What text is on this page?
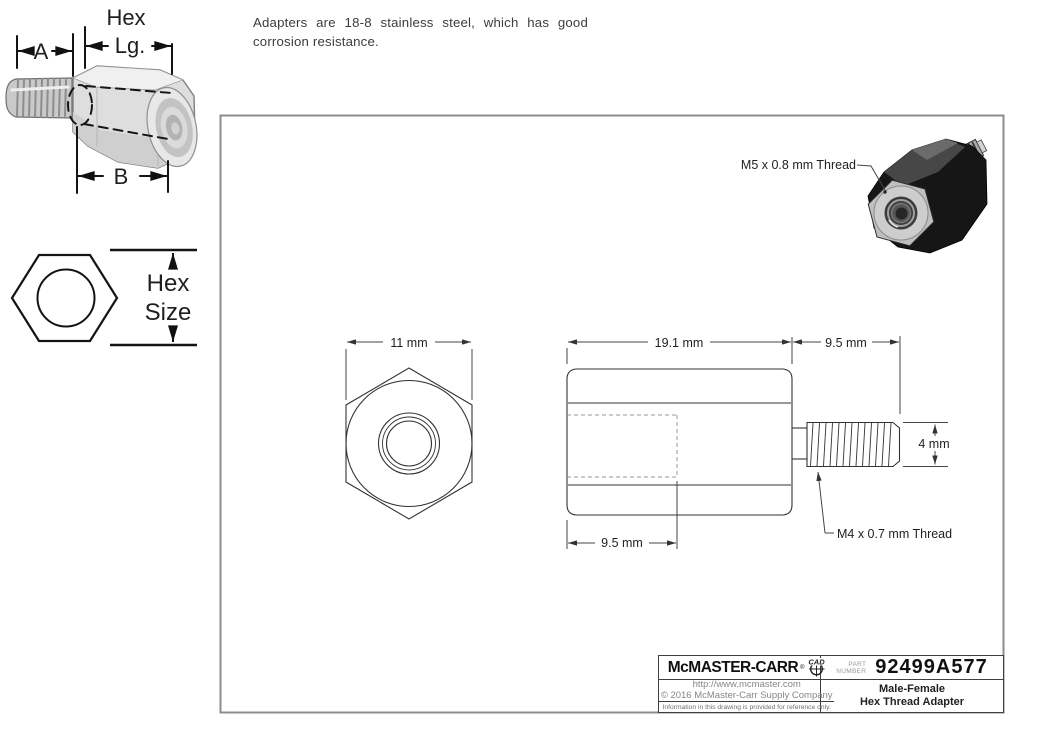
Adapters are 18-8 stainless steel, which has good corrosion resistance.
A
Hex
Lg.
B
Hex
Size
11 mm	19.1 mm	9.5 mm
4 mm
9.5 mm
M4 x 0.7 mm Thread
M5 x 0.8 mm Thread
McMASTER-CARR ®
CAD
http://www.mcmaster.com
© 2016 McMaster-Carr Supply Company
Information in this drawing is provided for reference only.
PART
NUMBER 92499A577
Male-Female
Hex Thread Adapter
